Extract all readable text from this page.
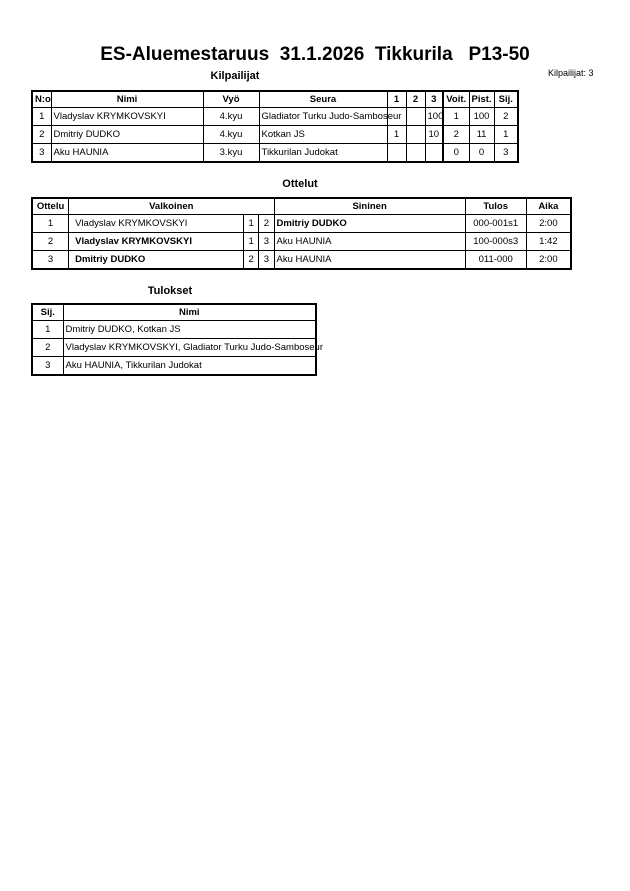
ES-Aluemestaruus  31.1.2026  Tikkurila   P13-50
Kilpailijat: 3
Kilpailijat
N:o	Nimi	Vyö	Seura	1	2	3	Voit.	Pist.	Sij.
1	Vladyslav KRYMKOVSKYI	4.kyu	Gladiator Turku Judo-Samboseur			100	1	100	2
2	Dmitriy DUDKO	4.kyu	Kotkan JS	1		10	2	11	1
3	Aku HAUNIA	3.kyu	Tikkurilan Judokat				0	0	3
Ottelut
Ottelu	Valkoinen			Sininen	Tulos	Aika
1	Vladyslav KRYMKOVSKYI	1	2	Dmitriy DUDKO	000-001s1	2:00
2	Vladyslav KRYMKOVSKYI	1	3	Aku HAUNIA	100-000s3	1:42
3	Dmitriy DUDKO	2	3	Aku HAUNIA	011-000	2:00
Tulokset
Sij.	Nimi
1	Dmitriy DUDKO, Kotkan JS
2	Vladyslav KRYMKOVSKYI, Gladiator Turku Judo-Samboseur
3	Aku HAUNIA, Tikkurilan Judokat
